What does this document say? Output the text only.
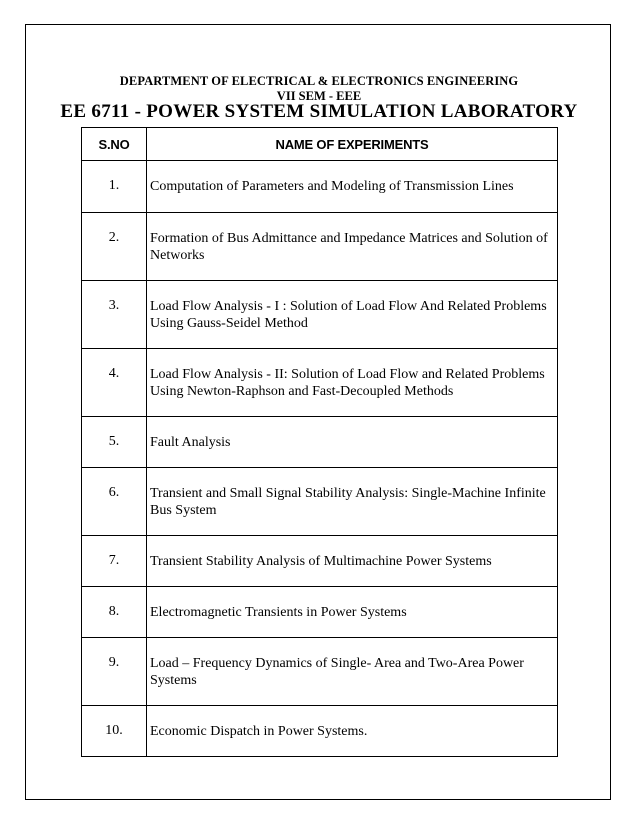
DEPARTMENT OF ELECTRICAL & ELECTRONICS ENGINEERING
VII SEM - EEE
EE 6711 - POWER SYSTEM SIMULATION LABORATORY
S.NO	NAME OF EXPERIMENTS
1.	Computation of Parameters and Modeling of Transmission Lines
2.	Formation of Bus Admittance and Impedance Matrices and Solution of Networks
3.	Load Flow Analysis - I : Solution of Load Flow And Related Problems Using Gauss-Seidel Method
4.	Load Flow Analysis - II: Solution of Load Flow and Related Problems Using Newton-Raphson and Fast-Decoupled Methods
5.	Fault Analysis
6.	Transient and Small Signal Stability Analysis: Single-Machine Infinite Bus System
7.	Transient Stability Analysis of Multimachine Power Systems
8.	Electromagnetic Transients in Power Systems
9.	Load – Frequency Dynamics of Single- Area and Two-Area Power Systems
10.	Economic Dispatch in Power Systems.
